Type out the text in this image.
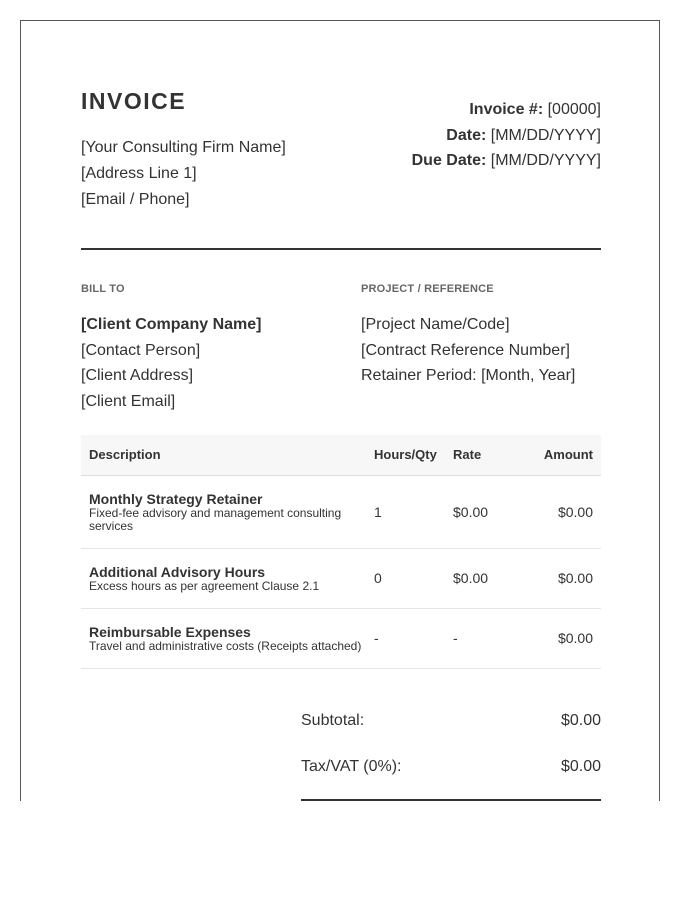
INVOICE
[Your Consulting Firm Name]
[Address Line 1]
[Email / Phone]
Invoice #: [00000]
Date: [MM/DD/YYYY]
Due Date: [MM/DD/YYYY]
BILL TO
[Client Company Name]
[Contact Person]
[Client Address]
[Client Email]
PROJECT / REFERENCE
[Project Name/Code]
[Contract Reference Number]
Retainer Period: [Month, Year]
Description	Hours/Qty	Rate	Amount

Monthly Strategy Retainer
Fixed-fee advisory and management consulting services	1	$0.00	$0.00

Additional Advisory Hours
Excess hours as per agreement Clause 2.1	0	$0.00	$0.00

Reimbursable Expenses
Travel and administrative costs (Receipts attached)	-	-	$0.00
Subtotal:	$0.00
Tax/VAT (0%):	$0.00
